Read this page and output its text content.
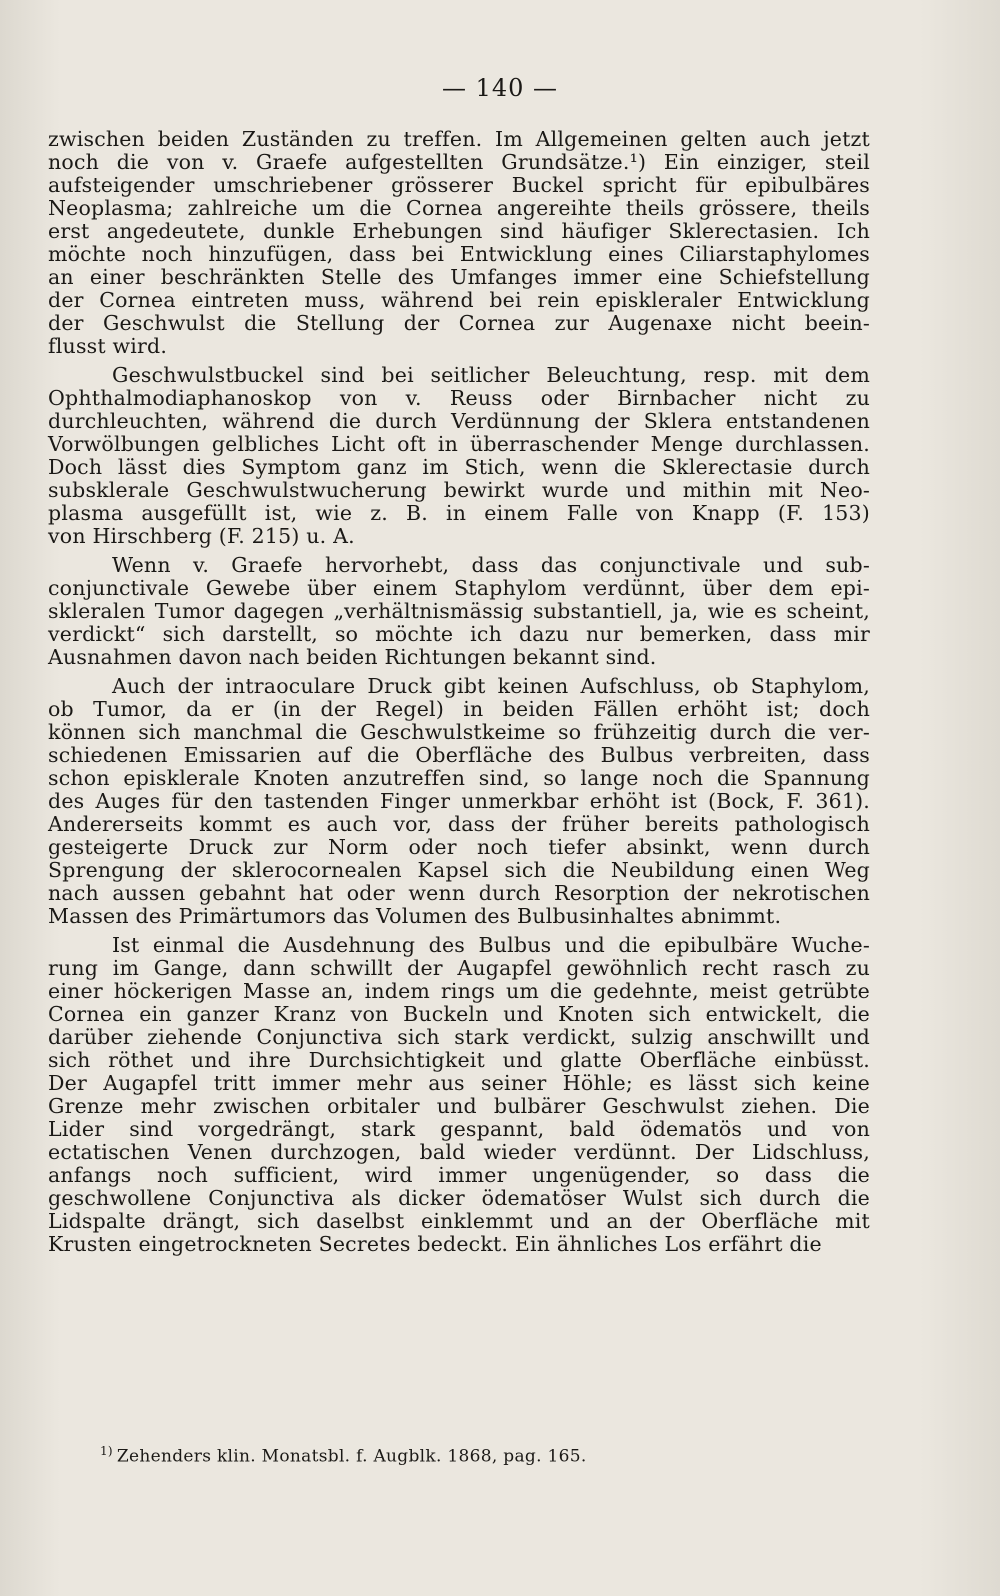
— 140 —
zwischen beiden Zuständen zu treffen. Im Allgemeinen gelten auch jetzt
noch die von v. Graefe aufgestellten Grundsätze.¹) Ein einziger, steil
aufsteigender umschriebener grösserer Buckel spricht für epibulbäres
Neoplasma; zahlreiche um die Cornea angereihte theils grössere, theils
erst angedeutete, dunkle Erhebungen sind häufiger Sklerectasien. Ich
möchte noch hinzufügen, dass bei Entwicklung eines Ciliarstaphylomes
an einer beschränkten Stelle des Umfanges immer eine Schiefstellung
der Cornea eintreten muss, während bei rein episkleraler Entwicklung
der Geschwulst die Stellung der Cornea zur Augenaxe nicht beein-
flusst wird.
Geschwulstbuckel sind bei seitlicher Beleuchtung, resp. mit dem
Ophthalmodiaphanoskop von v. Reuss oder Birnbacher nicht zu
durchleuchten, während die durch Verdünnung der Sklera entstandenen
Vorwölbungen gelbliches Licht oft in überraschender Menge durchlassen.
Doch lässt dies Symptom ganz im Stich, wenn die Sklerectasie durch
subsklerale Geschwulstwucherung bewirkt wurde und mithin mit Neo-
plasma ausgefüllt ist, wie z. B. in einem Falle von Knapp (F. 153)
von Hirschberg (F. 215) u. A.
Wenn v. Graefe hervorhebt, dass das conjunctivale und sub-
conjunctivale Gewebe über einem Staphylom verdünnt, über dem epi-
skleralen Tumor dagegen „verhältnismässig substantiell, ja, wie es scheint,
verdickt“ sich darstellt, so möchte ich dazu nur bemerken, dass mir
Ausnahmen davon nach beiden Richtungen bekannt sind.
Auch der intraoculare Druck gibt keinen Aufschluss, ob Staphylom,
ob Tumor, da er (in der Regel) in beiden Fällen erhöht ist; doch
können sich manchmal die Geschwulstkeime so frühzeitig durch die ver-
schiedenen Emissarien auf die Oberfläche des Bulbus verbreiten, dass
schon episklerale Knoten anzutreffen sind, so lange noch die Spannung
des Auges für den tastenden Finger unmerkbar erhöht ist (Bock, F. 361).
Andererseits kommt es auch vor, dass der früher bereits pathologisch
gesteigerte Druck zur Norm oder noch tiefer absinkt, wenn durch
Sprengung der sklerocornealen Kapsel sich die Neubildung einen Weg
nach aussen gebahnt hat oder wenn durch Resorption der nekrotischen
Massen des Primärtumors das Volumen des Bulbusinhaltes abnimmt.
Ist einmal die Ausdehnung des Bulbus und die epibulbäre Wuche-
rung im Gange, dann schwillt der Augapfel gewöhnlich recht rasch zu
einer höckerigen Masse an, indem rings um die gedehnte, meist getrübte
Cornea ein ganzer Kranz von Buckeln und Knoten sich entwickelt, die
darüber ziehende Conjunctiva sich stark verdickt, sulzig anschwillt und
sich röthet und ihre Durchsichtigkeit und glatte Oberfläche einbüsst.
Der Augapfel tritt immer mehr aus seiner Höhle; es lässt sich keine
Grenze mehr zwischen orbitaler und bulbärer Geschwulst ziehen. Die
Lider sind vorgedrängt, stark gespannt, bald ödematös und von
ectatischen Venen durchzogen, bald wieder verdünnt. Der Lidschluss,
anfangs noch sufficient, wird immer ungenügender, so dass die
geschwollene Conjunctiva als dicker ödematöser Wulst sich durch die
Lidspalte drängt, sich daselbst einklemmt und an der Oberfläche mit
Krusten eingetrockneten Secretes bedeckt. Ein ähnliches Los erfährt die
$^{1)}$ Zehenders klin. Monatsbl. f. Augblk. 1868, pag. 165.
